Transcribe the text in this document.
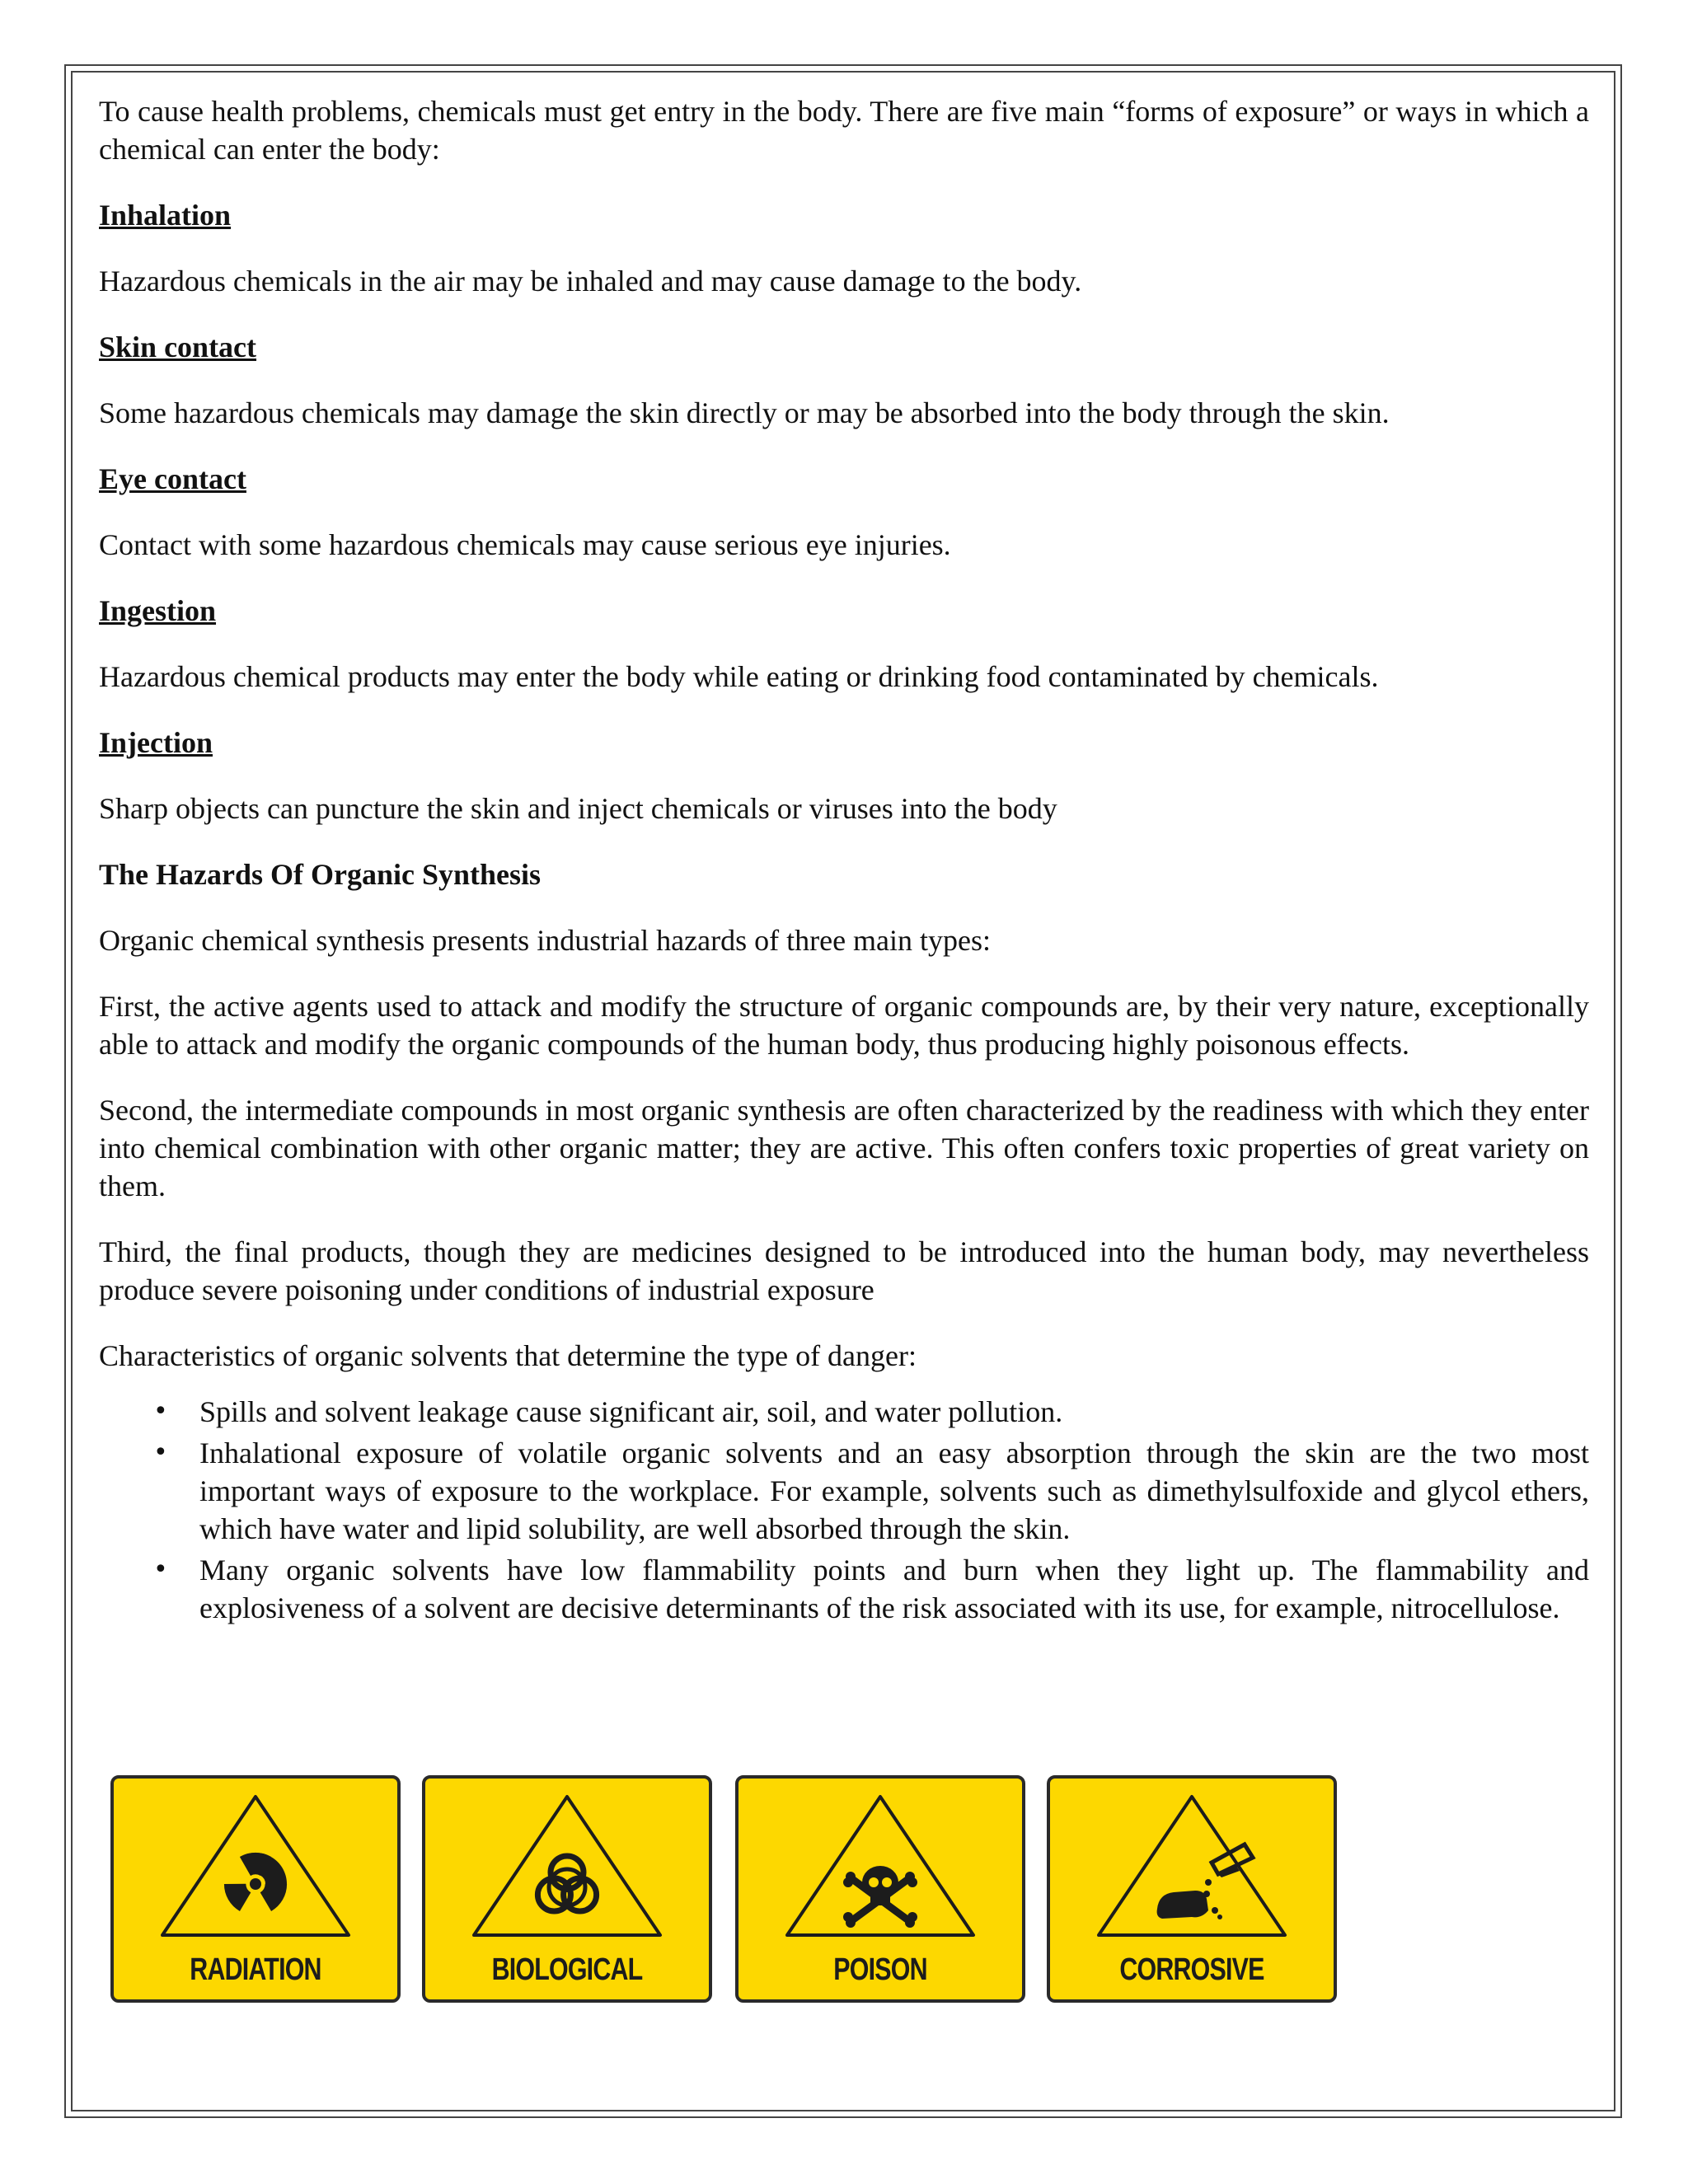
To cause health problems, chemicals must get entry in the body. There are five main “forms of exposure” or ways in which a chemical can enter the body:

Inhalation

Hazardous chemicals in the air may be inhaled and may cause damage to the body.

Skin contact

Some hazardous chemicals may damage the skin directly or may be absorbed into the body through the skin.

Eye contact

Contact with some hazardous chemicals may cause serious eye injuries.

Ingestion

Hazardous chemical products may enter the body while eating or drinking food contaminated by chemicals.

Injection

Sharp objects can puncture the skin and inject chemicals or viruses into the body

The Hazards Of Organic Synthesis

Organic chemical synthesis presents industrial hazards of three main types:

First, the active agents used to attack and modify the structure of organic compounds are, by their very nature, exceptionally able to attack and modify the organic compounds of the human body, thus producing highly poisonous effects.

Second, the intermediate compounds in most organic synthesis are often characterized by the readiness with which they enter into chemical combination with other organic matter; they are active. This often confers toxic properties of great variety on them.

Third, the final products, though they are medicines designed to be introduced into the human body, may nevertheless produce severe poisoning under conditions of industrial exposure

Characteristics of organic solvents that determine the type of danger:

• Spills and solvent leakage cause significant air, soil, and water pollution.
• Inhalational exposure of volatile organic solvents and an easy absorption through the skin are the two most important ways of exposure to the workplace. For example, solvents such as dimethylsulfoxide and glycol ethers, which have water and lipid solubility, are well absorbed through the skin.
• Many organic solvents have low flammability points and burn when they light up. The flammability and explosiveness of a solvent are decisive determinants of the risk associated with its use, for example, nitrocellulose.
RADIATION	BIOLOGICAL	POISON	CORROSIVE
